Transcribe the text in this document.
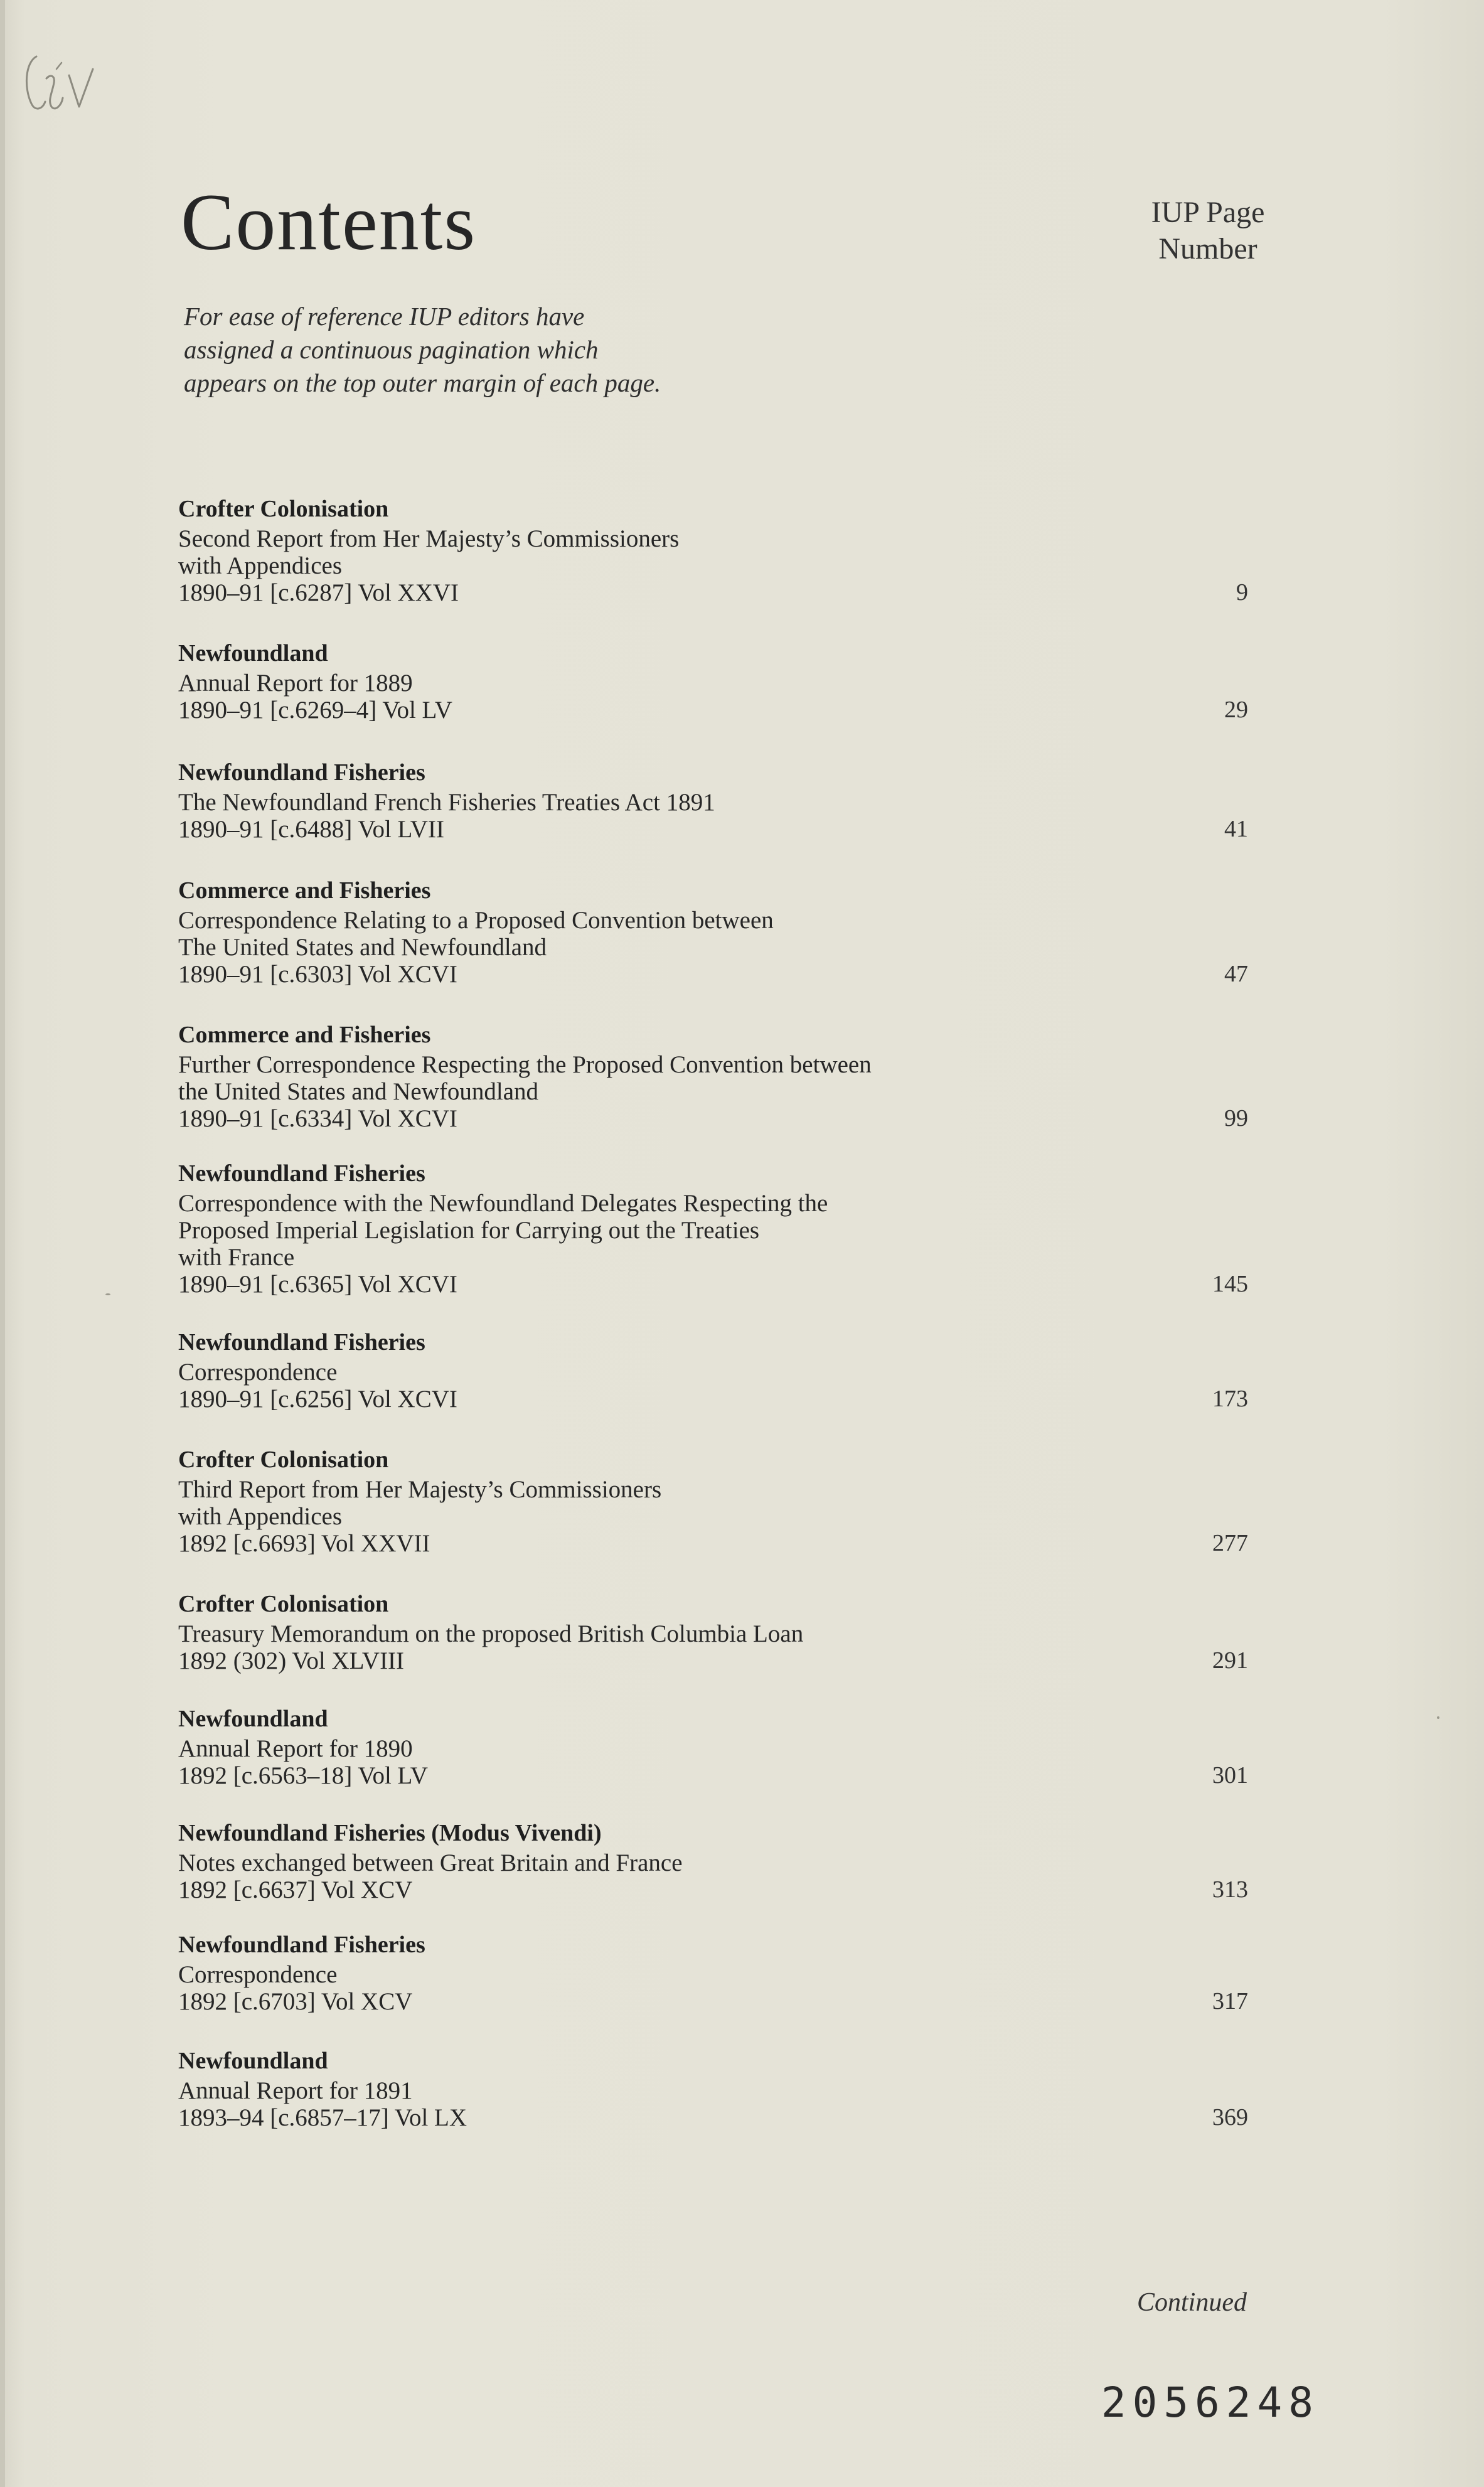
Contents	IUP Page
Number
For ease of reference IUP editors have
assigned a continuous pagination which
appears on the top outer margin of each page.
Crofter Colonisation
Second Report from Her Majesty’s Commissioners
with Appendices
1890–91 [c.6287] Vol XXVI	9
Newfoundland
Annual Report for 1889
1890–91 [c.6269–4] Vol LV	29
Newfoundland Fisheries
The Newfoundland French Fisheries Treaties Act 1891
1890–91 [c.6488] Vol LVII	41
Commerce and Fisheries
Correspondence Relating to a Proposed Convention between
The United States and Newfoundland
1890–91 [c.6303] Vol XCVI	47
Commerce and Fisheries
Further Correspondence Respecting the Proposed Convention between
the United States and Newfoundland
1890–91 [c.6334] Vol XCVI	99
Newfoundland Fisheries
Correspondence with the Newfoundland Delegates Respecting the
Proposed Imperial Legislation for Carrying out the Treaties
with France
1890–91 [c.6365] Vol XCVI	145
Newfoundland Fisheries
Correspondence
1890–91 [c.6256] Vol XCVI	173
Crofter Colonisation
Third Report from Her Majesty’s Commissioners
with Appendices
1892 [c.6693] Vol XXVII	277
Crofter Colonisation
Treasury Memorandum on the proposed British Columbia Loan
1892 (302) Vol XLVIII	291
Newfoundland
Annual Report for 1890
1892 [c.6563–18] Vol LV	301
Newfoundland Fisheries (Modus Vivendi)
Notes exchanged between Great Britain and France
1892 [c.6637] Vol XCV	313
Newfoundland Fisheries
Correspondence
1892 [c.6703] Vol XCV	317
Newfoundland
Annual Report for 1891
1893–94 [c.6857–17] Vol LX	369
Continued
2056248
